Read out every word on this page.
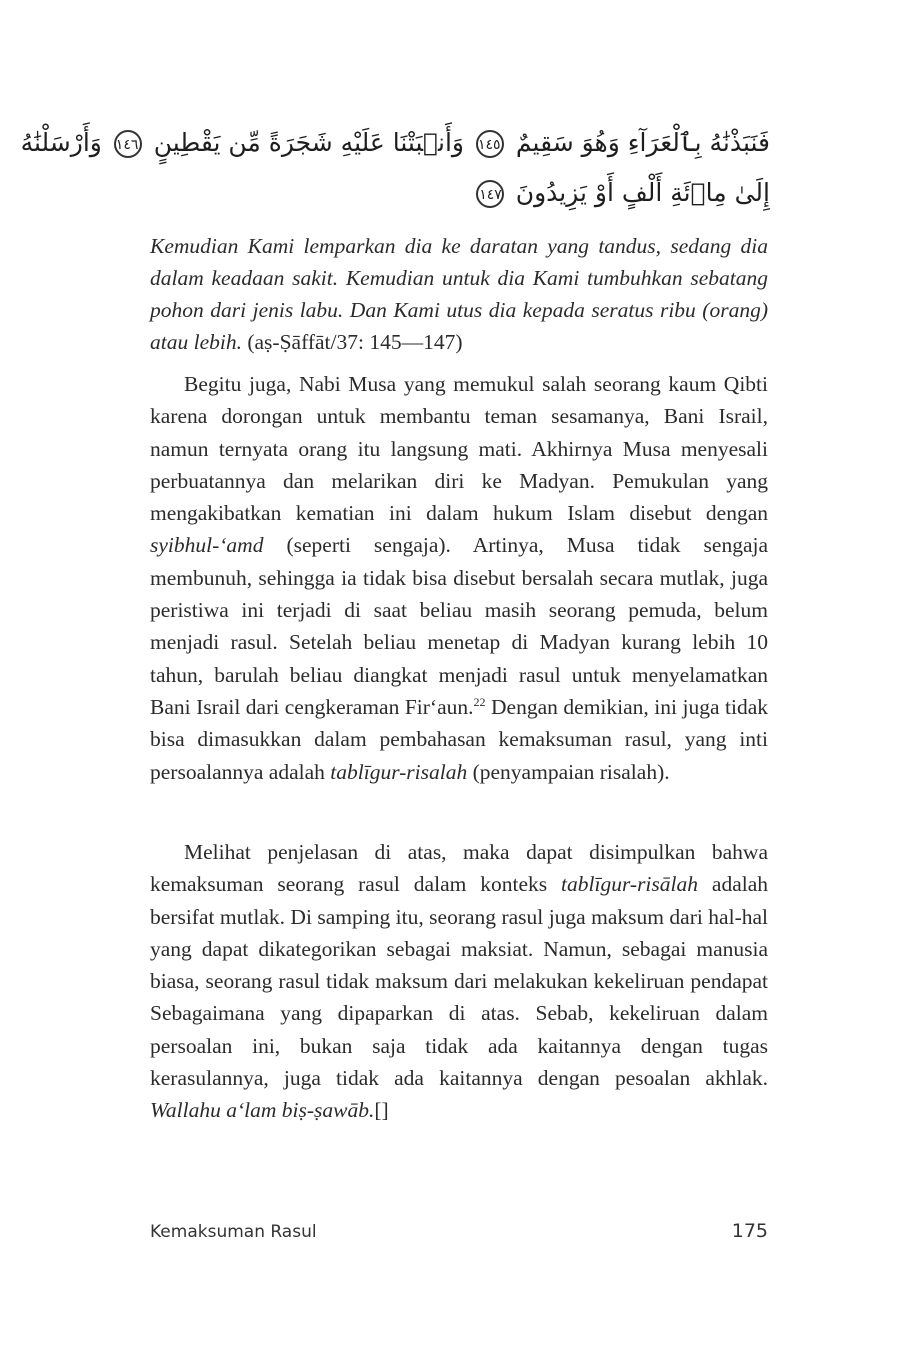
فَنَبَذْنَٰهُ بِٱلْعَرَآءِ وَهُوَ سَقِيمٌ ١٤٥ وَأَنۢبَتْنَا عَلَيْهِ شَجَرَةً مِّن يَقْطِينٍ ١٤٦ وَأَرْسَلْنَٰهُ
إِلَىٰ مِا۟ئَةِ أَلْفٍ أَوْ يَزِيدُونَ ١٤٧

Kemudian Kami lemparkan dia ke daratan yang tandus, sedang dia dalam keadaan sakit. Kemudian untuk dia Kami tumbuhkan sebatang pohon dari jenis labu. Dan Kami utus dia kepada seratus ribu (orang) atau lebih. (aṣ-Ṣāffāt/37: 145—147)

Begitu juga, Nabi Musa yang memukul salah seorang kaum Qibti karena dorongan untuk membantu teman sesamanya, Bani Israil, namun ternyata orang itu langsung mati. Akhirnya Musa menyesali perbuatannya dan melarikan diri ke Madyan. Pemukulan yang mengakibatkan kematian ini dalam hukum Islam disebut dengan syibhul-‘amd (seperti sengaja). Artinya, Musa tidak sengaja membunuh, sehingga ia tidak bisa disebut bersalah secara mutlak, juga peristiwa ini terjadi di saat beliau masih seorang pemuda, belum menjadi rasul. Setelah beliau menetap di Madyan kurang lebih 10 tahun, barulah beliau diangkat menjadi rasul untuk menyelamatkan Bani Israil dari cengkeraman Fir‘aun.$^{22}$ Dengan demikian, ini juga tidak bisa dimasukkan dalam pembahasan kemaksuman rasul, yang inti persoalannya adalah tablīgur-risalah (penyampaian risalah).

Melihat penjelasan di atas, maka dapat disimpulkan bahwa kemaksuman seorang rasul dalam konteks tablīgur-risālah adalah bersifat mutlak. Di samping itu, seorang rasul juga maksum dari hal-hal yang dapat dikategorikan sebagai maksiat. Namun, sebagai manusia biasa, seorang rasul tidak maksum dari melakukan kekeliruan pendapat Sebagaimana yang dipaparkan di atas. Sebab, kekeliruan dalam persoalan ini, bukan saja tidak ada kaitannya dengan tugas kerasulannya, juga tidak ada kaitannya dengan pesoalan akhlak. Wallahu a‘lam biṣ-ṣawāb.[]

Kemaksuman Rasul	175
